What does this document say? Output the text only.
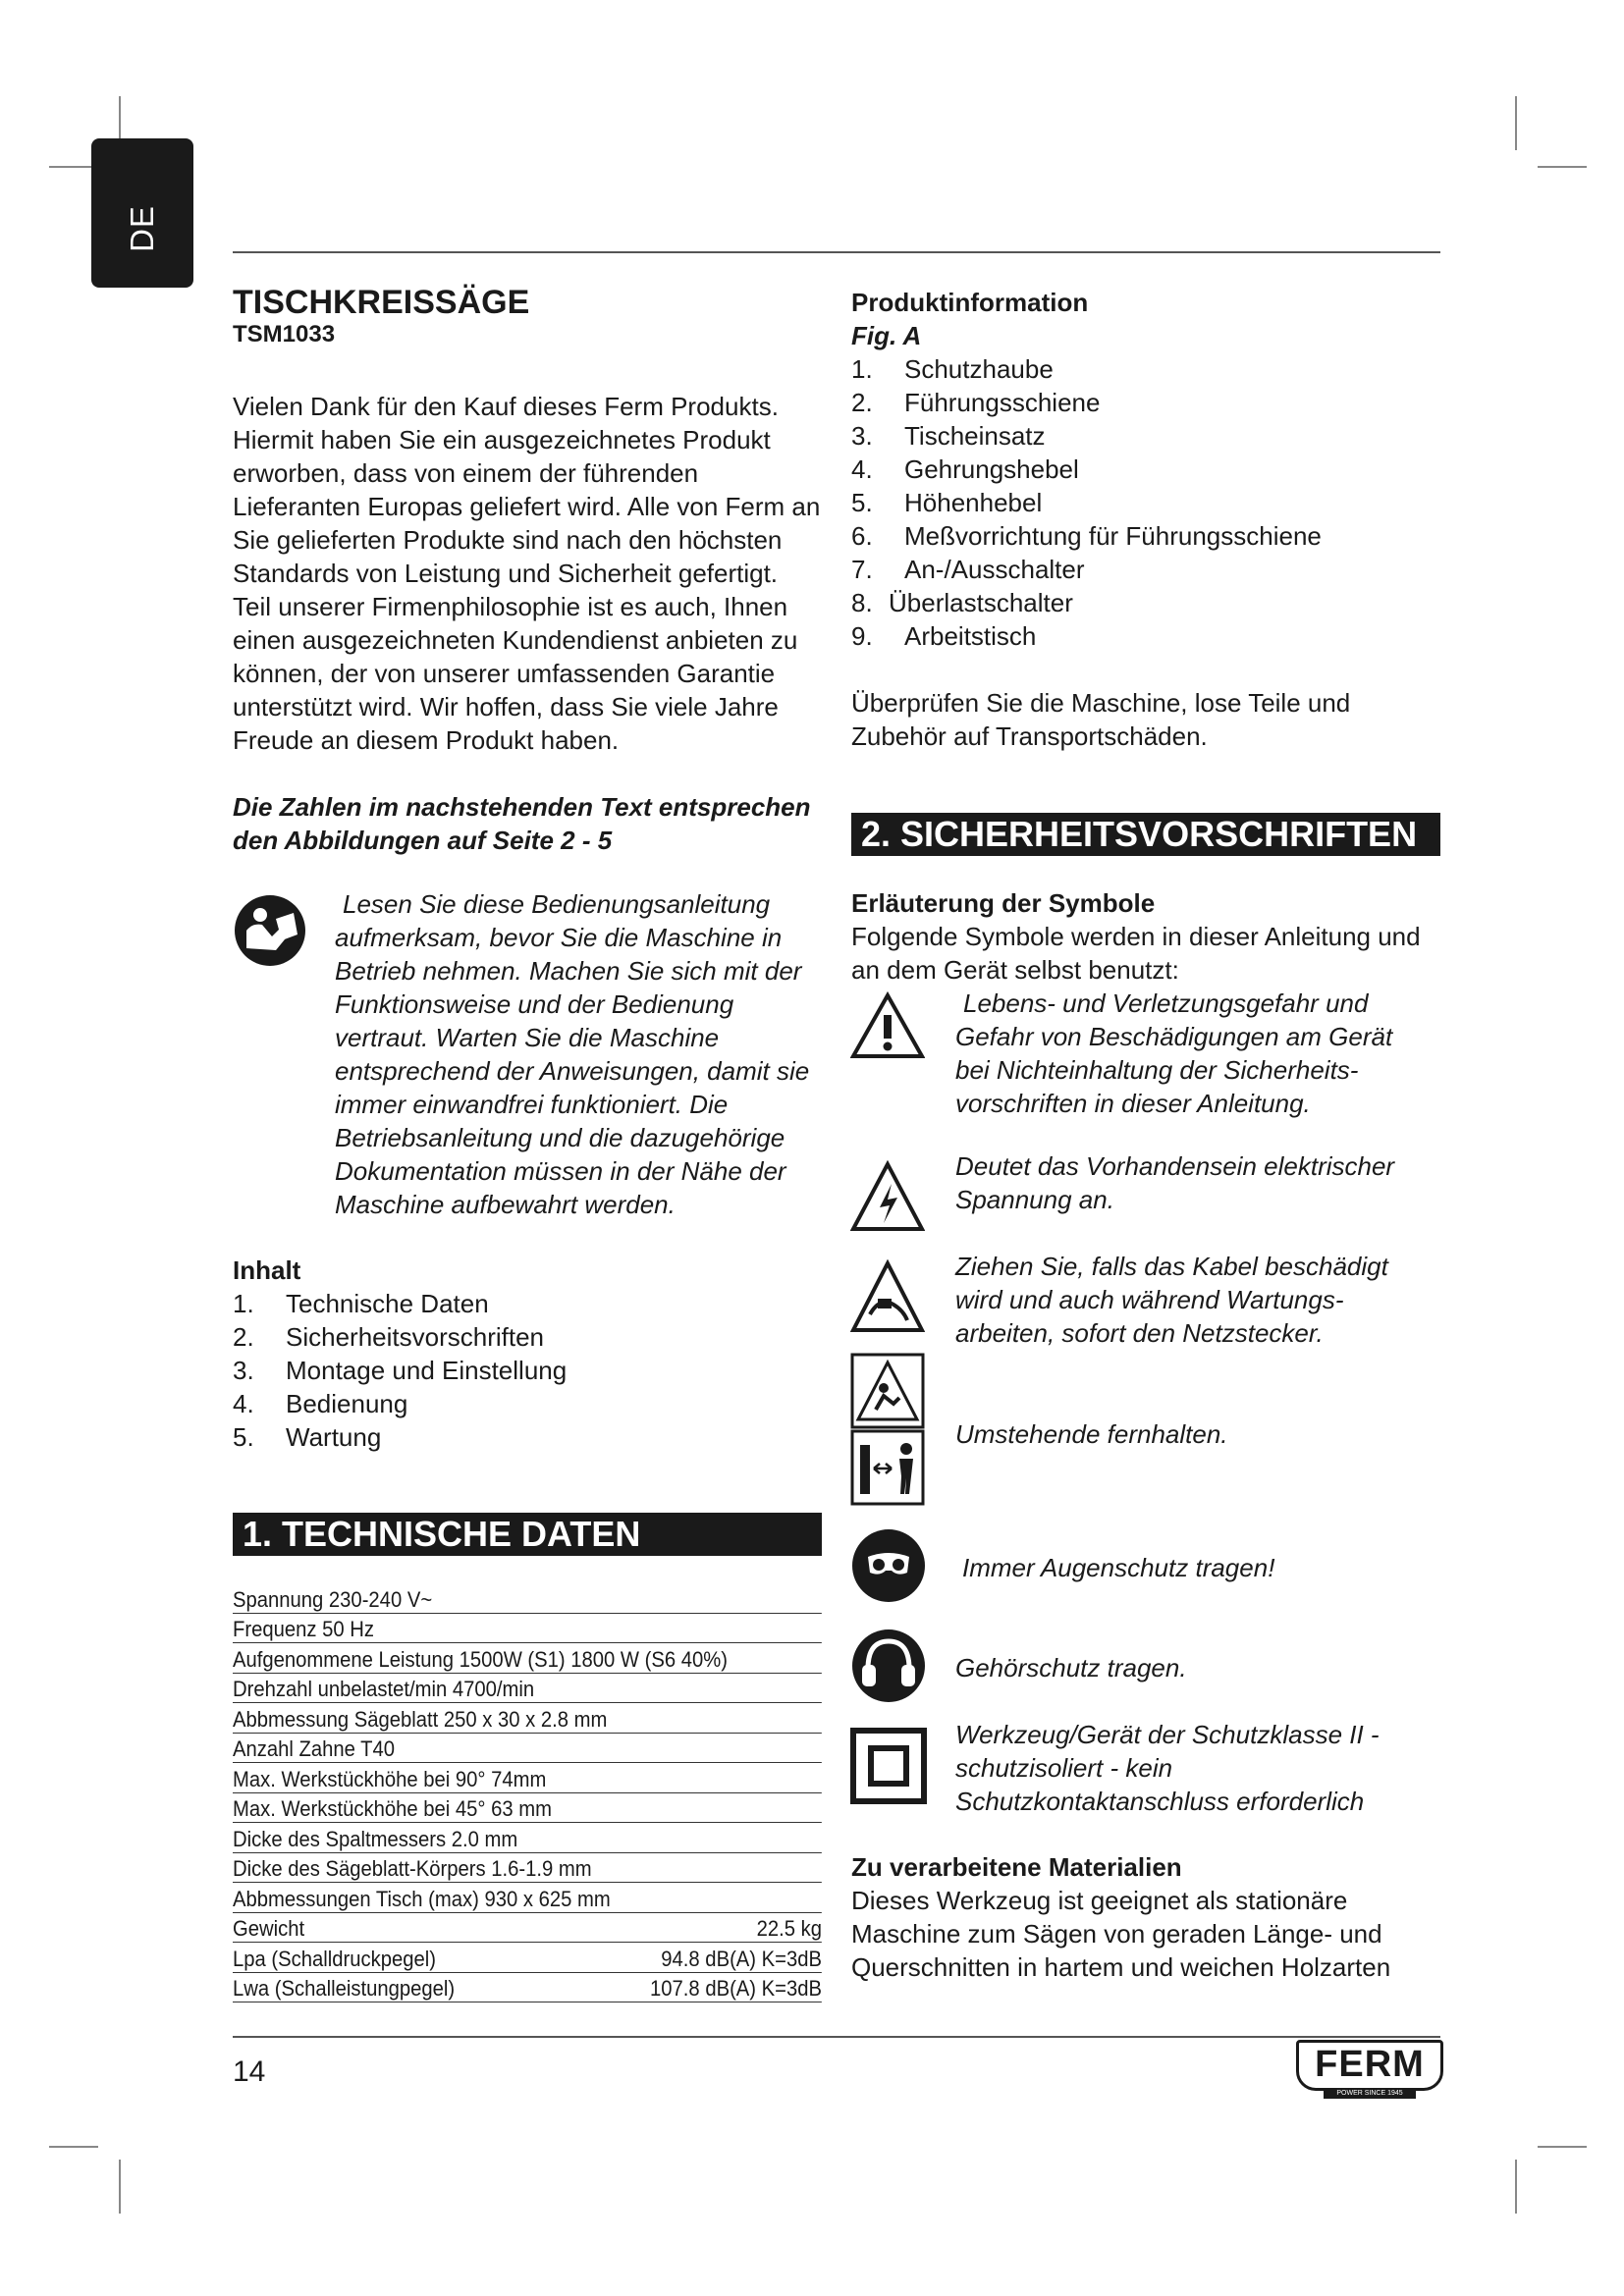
DE
TISCHKREISSÄGE
TSM1033

Vielen Dank für den Kauf dieses Ferm Produkts. Hiermit haben Sie ein ausgezeichnetes Produkt erworben, dass von einem der führenden Lieferanten Europas geliefert wird. Alle von Ferm an Sie gelieferten Produkte sind nach den höchsten Standards von Leistung und Sicherheit gefertigt. Teil unserer Firmenphilosophie ist es auch, Ihnen einen ausgezeichneten Kundendienst anbieten zu können, der von unserer umfassenden Garantie unterstützt wird. Wir hoffen, dass Sie viele Jahre Freude an diesem Produkt haben.

Die Zahlen im nachstehenden Text entsprechen den Abbildungen auf Seite 2 - 5

Lesen Sie diese Bedienungsanleitung aufmerksam, bevor Sie die Maschine in Betrieb nehmen. Machen Sie sich mit der Funktionsweise und der Bedienung vertraut. Warten Sie die Maschine entsprechend der Anweisungen, damit sie immer einwandfrei funktioniert. Die Betriebsanleitung und die dazugehörige Dokumentation müssen in der Nähe der Maschine aufbewahrt werden.

Inhalt
1.	Technische Daten
2.	Sicherheitsvorschriften
3.	Montage und Einstellung
4.	Bedienung
5.	Wartung
1. TECHNISCHE DATEN
Spannung 230-240 V~
Frequenz 50 Hz
Aufgenommene Leistung 1500W (S1) 1800 W (S6 40%)
Drehzahl unbelastet/min 4700/min
Abbmessung Sägeblatt 250 x 30 x 2.8 mm
Anzahl Zahne T40
Max. Werkstückhöhe bei 90° 74mm
Max. Werkstückhöhe bei 45° 63 mm
Dicke des Spaltmessers 2.0 mm
Dicke des Sägeblatt-Körpers 1.6-1.9 mm
Abbmessungen Tisch (max) 930 x 625 mm
Gewicht	22.5 kg
Lpa (Schalldruckpegel)	94.8 dB(A) K=3dB
Lwa (Schalleistungpegel)	107.8 dB(A) K=3dB
Produktinformation
Fig. A
1.	Schutzhaube
2.	Führungsschiene
3.	Tischeinsatz
4.	Gehrungshebel
5.	Höhenhebel
6.	Meßvorrichtung für Führungsschiene
7.	An-/Ausschalter
8. Überlastschalter
9.	Arbeitstisch

Überprüfen Sie die Maschine, lose Teile und Zubehör auf Transportschäden.

2. SICHERHEITSVORSCHRIFTEN
Erläuterung der Symbole

Folgende Symbole werden in dieser Anleitung und an dem Gerät selbst benutzt:

Lebens- und Verletzungsgefahr und Gefahr von Beschädigungen am Gerät bei Nichteinhaltung der Sicherheits-vorschriften in dieser Anleitung.
Deutet das Vorhandensein elektrischer Spannung an.
Ziehen Sie, falls das Kabel beschädigt wird und auch während Wartungs-arbeiten, sofort den Netzstecker.
Umstehende fernhalten.
Immer Augenschutz tragen!
Gehörschutz tragen.
Werkzeug/Gerät der Schutzklasse II - schutzisoliert - kein Schutzkontaktanschluss erforderlich
Zu verarbeitene Materialien

Dieses Werkzeug ist geeignet als stationäre Maschine zum Sägen von geraden Länge- und Querschnitten in hartem und weichen Holzarten

14	FERM
POWER SINCE 1945
